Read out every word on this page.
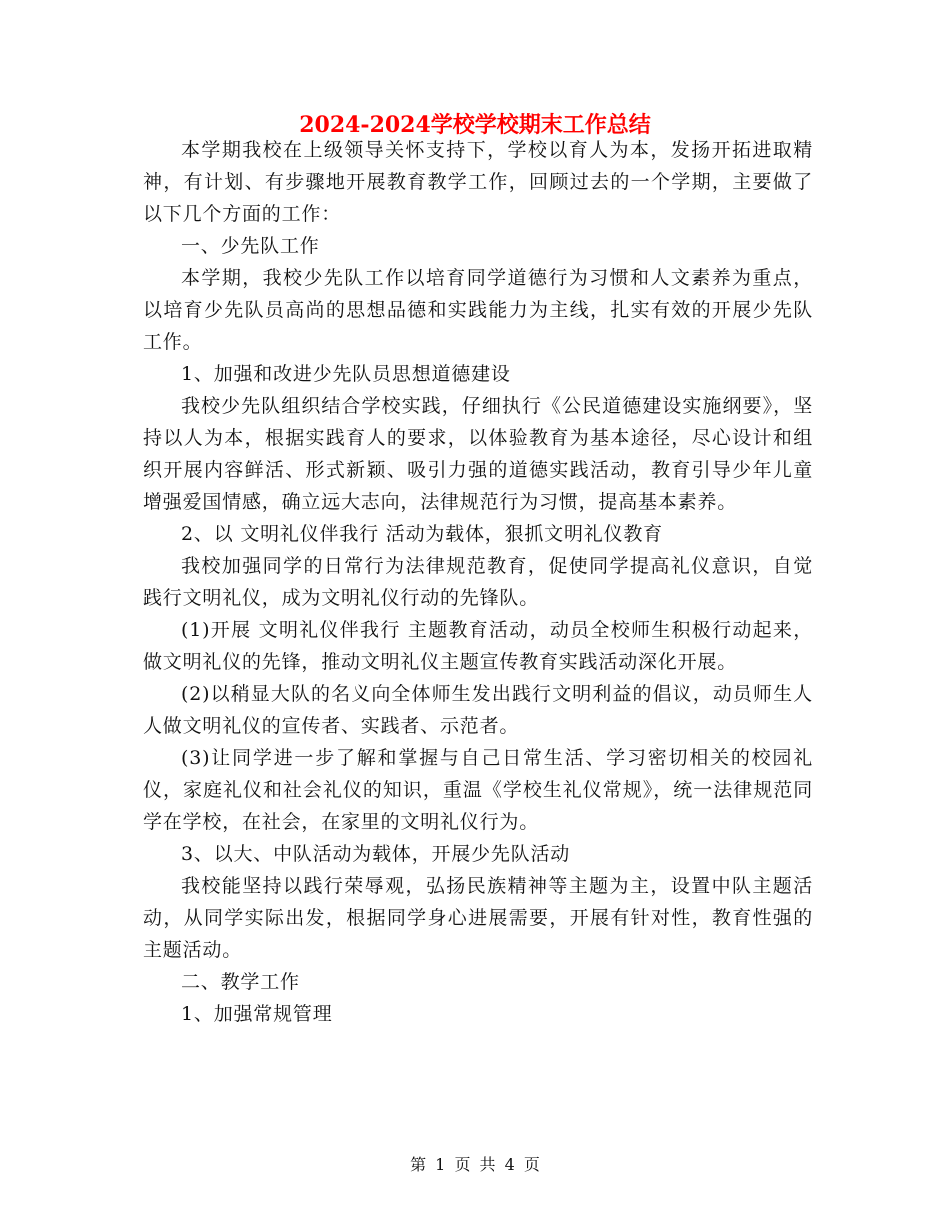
2024-2024学校学校期末工作总结

本学期我校在上级领导关怀支持下，学校以育人为本，发扬开拓进取精神，有计划、有步骤地开展教育教学工作，回顾过去的一个学期，主要做了以下几个方面的工作：

一、少先队工作

本学期，我校少先队工作以培育同学道德行为习惯和人文素养为重点，以培育少先队员高尚的思想品德和实践能力为主线，扎实有效的开展少先队工作。

1、加强和改进少先队员思想道德建设

我校少先队组织结合学校实践，仔细执行《公民道德建设实施纲要》，坚持以人为本，根据实践育人的要求，以体验教育为基本途径，尽心设计和组织开展内容鲜活、形式新颖、吸引力强的道德实践活动，教育引导少年儿童增强爱国情感，确立远大志向，法律规范行为习惯，提高基本素养。

2、以 文明礼仪伴我行 活动为载体，狠抓文明礼仪教育

我校加强同学的日常行为法律规范教育，促使同学提高礼仪意识，自觉践行文明礼仪，成为文明礼仪行动的先锋队。

(1)开展 文明礼仪伴我行 主题教育活动，动员全校师生积极行动起来，做文明礼仪的先锋，推动文明礼仪主题宣传教育实践活动深化开展。

(2)以稍显大队的名义向全体师生发出践行文明利益的倡议，动员师生人人做文明礼仪的宣传者、实践者、示范者。

(3)让同学进一步了解和掌握与自己日常生活、学习密切相关的校园礼仪，家庭礼仪和社会礼仪的知识，重温《学校生礼仪常规》，统一法律规范同学在学校，在社会，在家里的文明礼仪行为。

3、以大、中队活动为载体，开展少先队活动

我校能坚持以践行荣辱观，弘扬民族精神等主题为主，设置中队主题活动，从同学实际出发，根据同学身心进展需要，开展有针对性，教育性强的主题活动。

二、教学工作

1、加强常规管理

第 1 页 共 4 页
